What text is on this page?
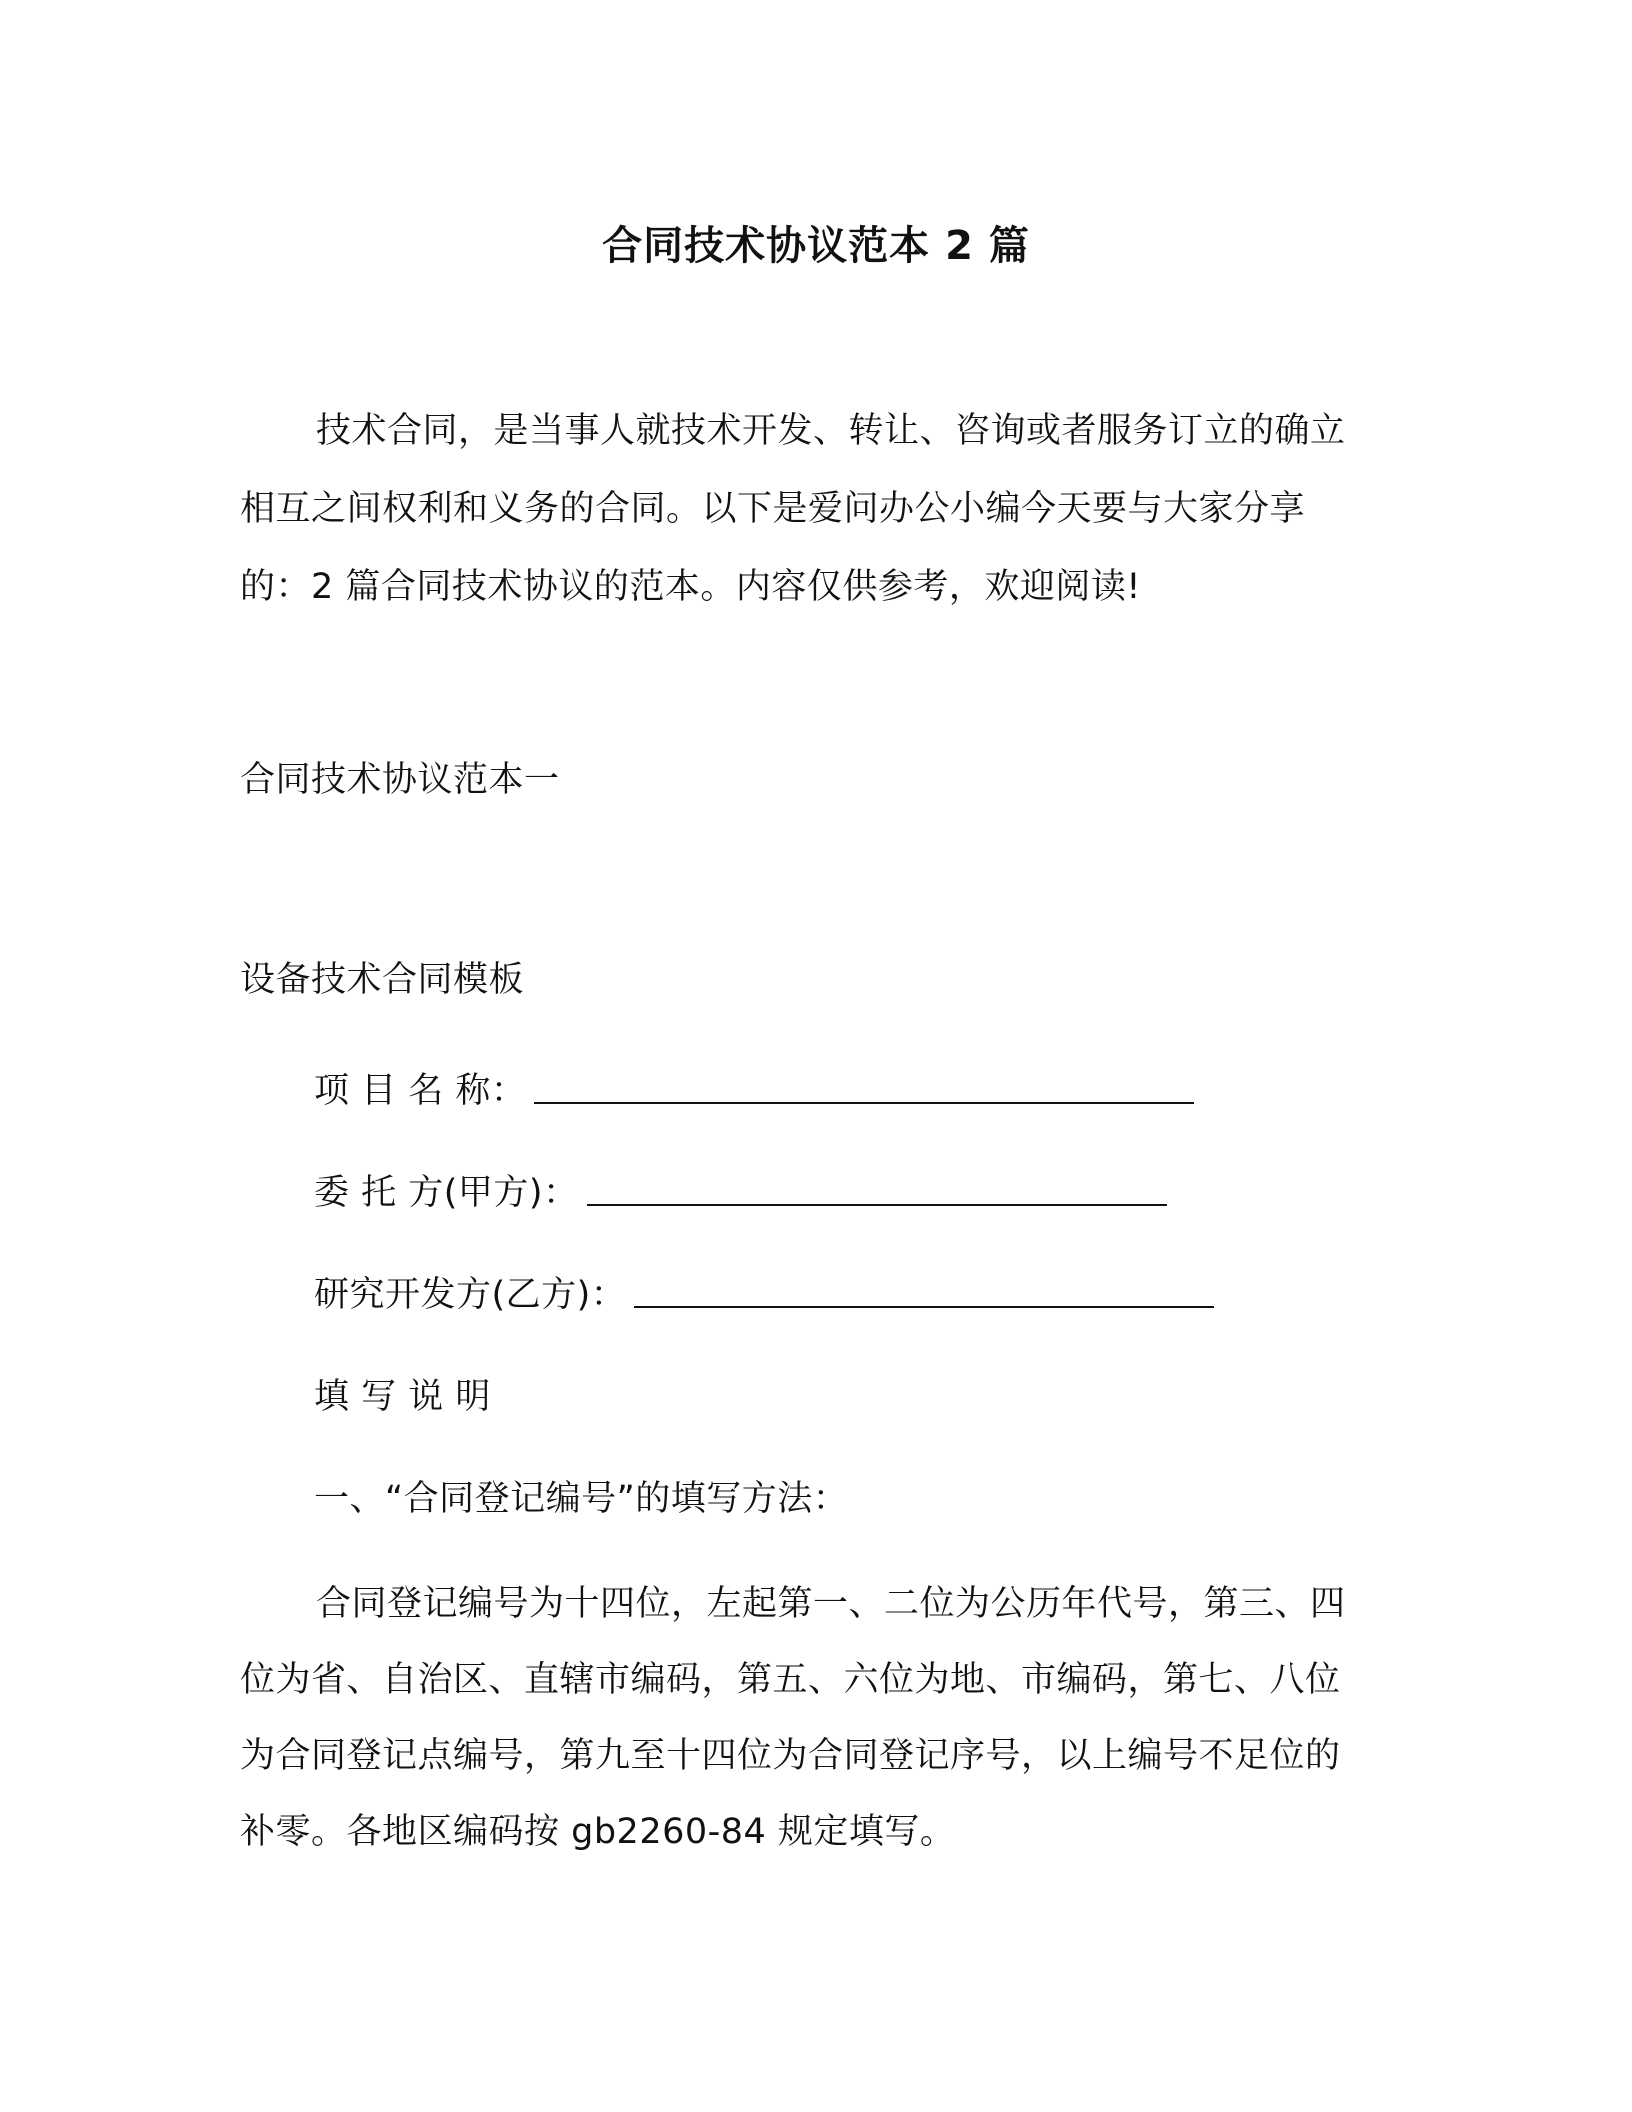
合同技术协议范本 2 篇
技术合同，是当事人就技术开发、转让、咨询或者服务订立的确立相互之间权利和义务的合同。以下是爱问办公小编今天要与大家分享的：2 篇合同技术协议的范本。内容仅供参考，欢迎阅读!
合同技术协议范本一
设备技术合同模板
项 目 名 称：
委 托 方(甲方)：
研究开发方(乙方)：
填 写 说 明
一、“合同登记编号”的填写方法：
合同登记编号为十四位，左起第一、二位为公历年代号，第三、四位为省、自治区、直辖市编码，第五、六位为地、市编码，第七、八位为合同登记点编号，第九至十四位为合同登记序号，以上编号不足位的补零。各地区编码按 gb2260-84 规定填写。
